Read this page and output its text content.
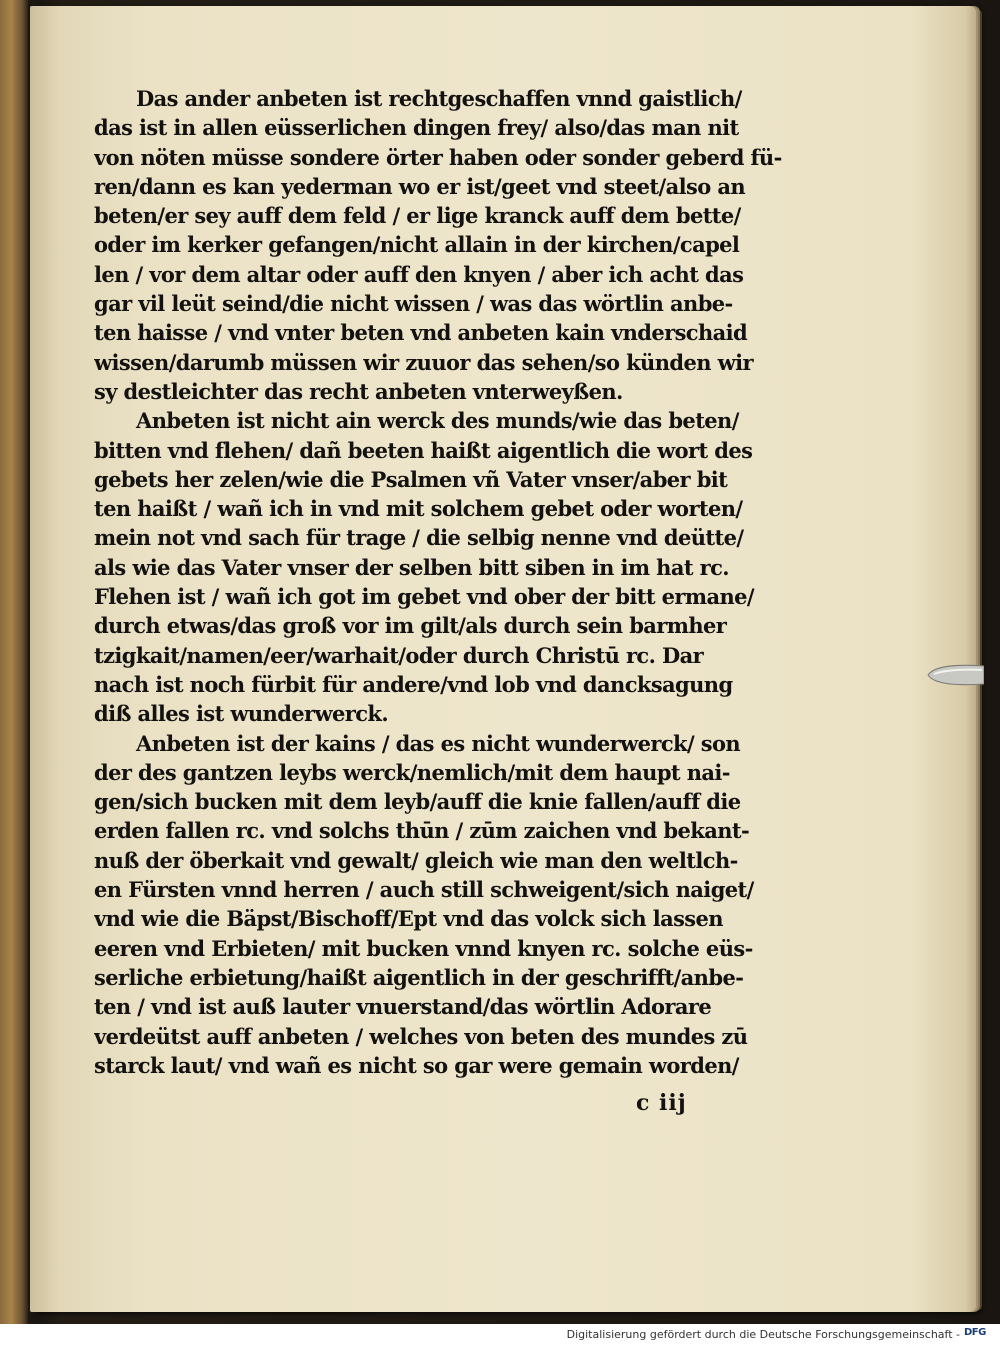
Das ander anbeten ist rechtgeschaffen vnnd gaistlich/
das ist in allen eüsserlichen dingen frey/ also/das man nit
von nöten müsse sondere örter haben oder sonder geberd fü-
ren/dann es kan yederman wo er ist/geet vnd steet/also an
beten/er sey auff dem feld / er lige kranck auff dem bette/
oder im kerker gefangen/nicht allain in der kirchen/capel
len / vor dem altar oder auff den knyen / aber ich acht das
gar vil leüt seind/die nicht wissen / was das wörtlin anbe-
ten haisse / vnd vnter beten vnd anbeten kain vnderschaid
wissen/darumb müssen wir zuuor das sehen/so künden wir
sy destleichter das recht anbeten vnterweyßen.
Anbeten ist nicht ain werck des munds/wie das beten/
bitten vnd flehen/ dañ beeten haißt aigentlich die wort des
gebets her zelen/wie die Psalmen vñ Vater vnser/aber bit
ten haißt / wañ ich in vnd mit solchem gebet oder worten/
mein not vnd sach für trage / die selbig nenne vnd deütte/
als wie das Vater vnser der selben bitt siben in im hat rc.
Flehen ist / wañ ich got im gebet vnd ober der bitt ermane/
durch etwas/das groß vor im gilt/als durch sein barmher
tzigkait/namen/eer/warhait/oder durch Christū rc. Dar
nach ist noch fürbit für andere/vnd lob vnd dancksagung
diß alles ist wunderwerck.
Anbeten ist der kains / das es nicht wunderwerck/ son
der des gantzen leybs werck/nemlich/mit dem haupt nai-
gen/sich bucken mit dem leyb/auff die knie fallen/auff die
erden fallen rc. vnd solchs thūn / zūm zaichen vnd bekant-
nuß der öberkait vnd gewalt/ gleich wie man den weltlch-
en Fürsten vnnd herren / auch still schweigent/sich naiget/
vnd wie die Bäpst/Bischoff/Ept vnd das volck sich lassen
eeren vnd Erbieten/ mit bucken vnnd knyen rc. solche eüs-
serliche erbietung/haißt aigentlich in der geschrifft/anbe-
ten / vnd ist auß lauter vnuerstand/das wörtlin Adorare
verdeütst auff anbeten / welches von beten des mundes zū
starck laut/ vnd wañ es nicht so gar were gemain worden/
c iij
Digitalisierung gefördert durch die Deutsche Forschungsgemeinschaft - DFG
